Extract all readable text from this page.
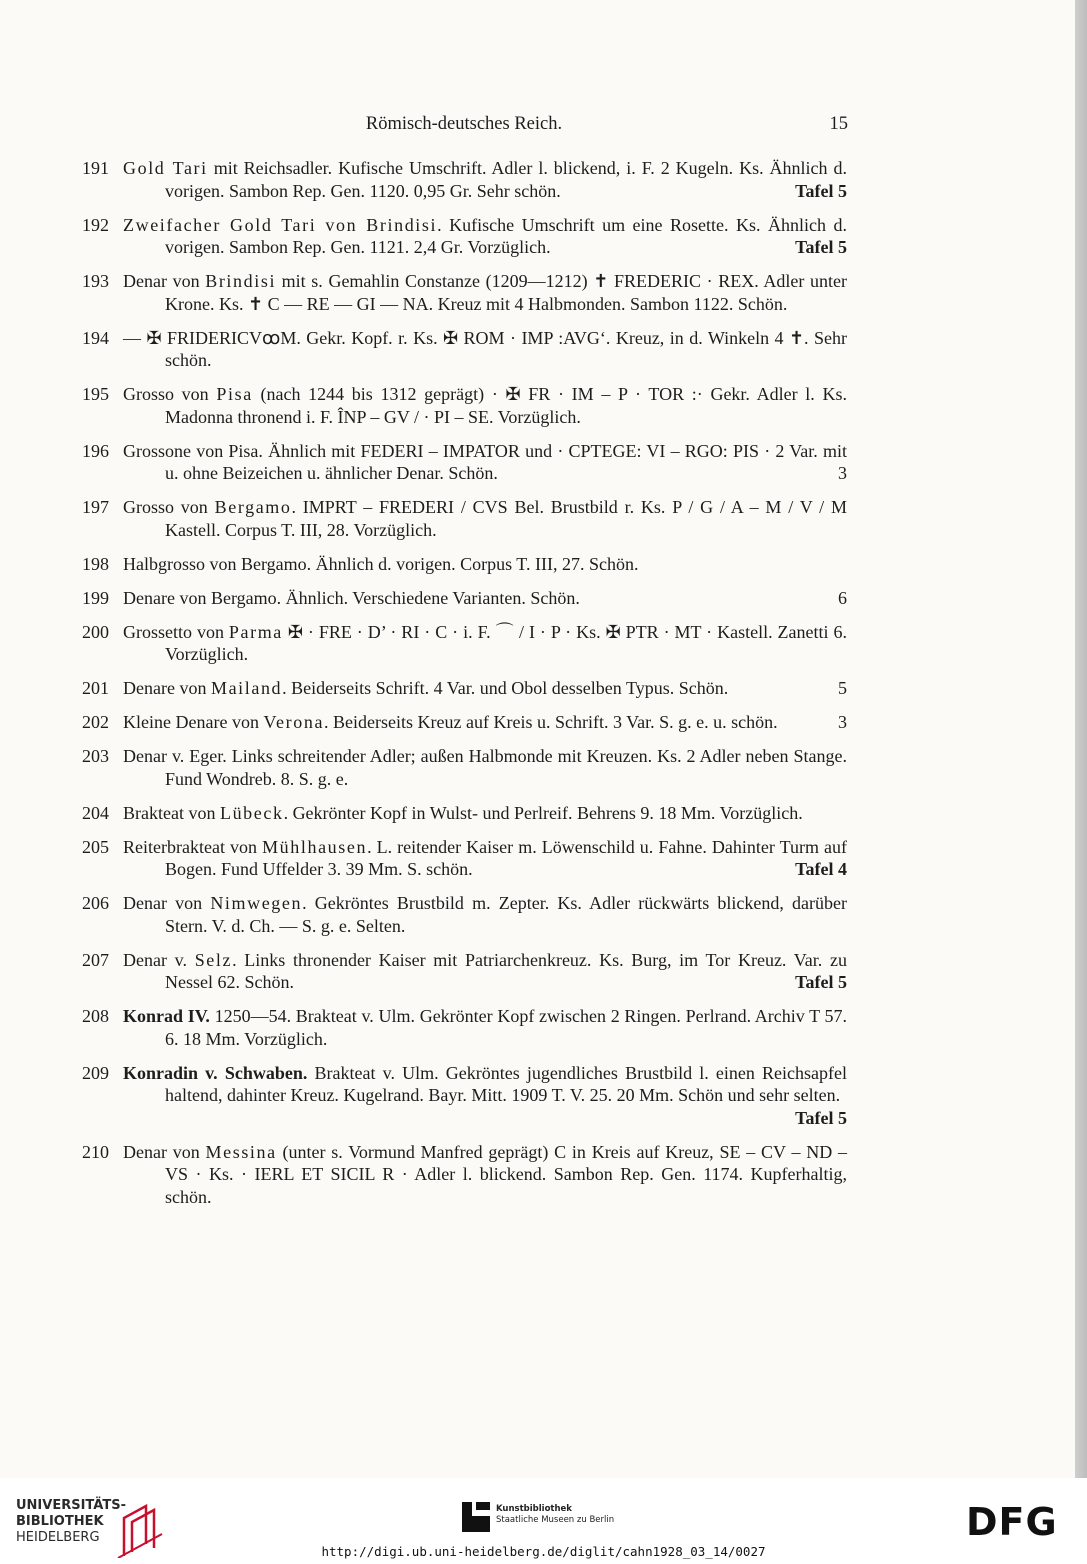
Römisch-deutsches Reich.	15
191 Gold Tari mit Reichsadler. Kufische Umschrift. Adler l. blickend, i. F. 2 Kugeln. Ks. Ähnlich d. vorigen. Sambon Rep. Gen. 1120. 0,95 Gr. Sehr schön.	Tafel 5
192 Zweifacher Gold Tari von Brindisi. Kufische Umschrift um eine Rosette. Ks. Ähnlich d. vorigen. Sambon Rep. Gen. 1121. 2,4 Gr. Vorzüglich.	Tafel 5
193 Denar von Brindisi mit s. Gemahlin Constanze (1209—1212) ✝ FREDERIC · REX. Adler unter Krone. Ks. ✝ C — RE — GI — NA. Kreuz mit 4 Halbmonden. Sambon 1122. Schön.
194 — ✠ FRIDERICVꝏM. Gekr. Kopf. r. Ks. ✠ ROM · IMP :AVG‘. Kreuz, in d. Winkeln 4 ✝. Sehr schön.
195 Grosso von Pisa (nach 1244 bis 1312 geprägt) · ✠ FR · IM – P · TOR :· Gekr. Adler l. Ks. Madonna thronend i. F. ÎNP – GV / · PI – SE. Vorzüglich.
196 Grossone von Pisa. Ähnlich mit FEDERI – IMPATOR und · CPTEGE: VI – RGO: PIS · 2 Var. mit u. ohne Beizeichen u. ähnlicher Denar. Schön.	3
197 Grosso von Bergamo. IMPRT – FREDERI / CVS Bel. Brustbild r. Ks. P / G / A – M / V / M Kastell. Corpus T. III, 28. Vorzüglich.
198 Halbgrosso von Bergamo. Ähnlich d. vorigen. Corpus T. III, 27. Schön.
199 Denare von Bergamo. Ähnlich. Verschiedene Varianten. Schön.	6
200 Grossetto von Parma ✠ · FRE · D’ · RI · C · i. F. ⌒ / I · P · Ks. ✠ PTR · MT · Kastell. Zanetti 6. Vorzüglich.
201 Denare von Mailand. Beiderseits Schrift. 4 Var. und Obol desselben Typus. Schön.	5
202 Kleine Denare von Verona. Beiderseits Kreuz auf Kreis u. Schrift. 3 Var. S. g. e. u. schön.	3
203 Denar v. Eger. Links schreitender Adler; außen Halbmonde mit Kreuzen. Ks. 2 Adler neben Stange. Fund Wondreb. 8. S. g. e.
204 Brakteat von Lübeck. Gekrönter Kopf in Wulst- und Perlreif. Behrens 9. 18 Mm. Vorzüglich.
205 Reiterbrakteat von Mühlhausen. L. reitender Kaiser m. Löwenschild u. Fahne. Dahinter Turm auf Bogen. Fund Uffelder 3. 39 Mm. S. schön.	Tafel 4
206 Denar von Nimwegen. Gekröntes Brustbild m. Zepter. Ks. Adler rückwärts blickend, darüber Stern. V. d. Ch. — S. g. e. Selten.
207 Denar v. Selz. Links thronender Kaiser mit Patriarchenkreuz. Ks. Burg, im Tor Kreuz. Var. zu Nessel 62. Schön.	Tafel 5
208 Konrad IV. 1250—54. Brakteat v. Ulm. Gekrönter Kopf zwischen 2 Ringen. Perlrand. Archiv T 57. 6. 18 Mm. Vorzüglich.
209 Konradin v. Schwaben. Brakteat v. Ulm. Gekröntes jugendliches Brustbild l. einen Reichsapfel haltend, dahinter Kreuz. Kugelrand. Bayr. Mitt. 1909 T. V. 25. 20 Mm. Schön und sehr selten.
Tafel 5
210 Denar von Messina (unter s. Vormund Manfred geprägt) C in Kreis auf Kreuz, SE – CV – ND – VS · Ks. · IERL ET SICIL R · Adler l. blickend. Sambon Rep. Gen. 1174. Kupferhaltig, schön.
UNIVERSITÄTS-
BIBLIOTHEK
HEIDELBERG
Kunstbibliothek
Staatliche Museen zu Berlin	DFG
http://digi.ub.uni-heidelberg.de/diglit/cahn1928_03_14/0027
